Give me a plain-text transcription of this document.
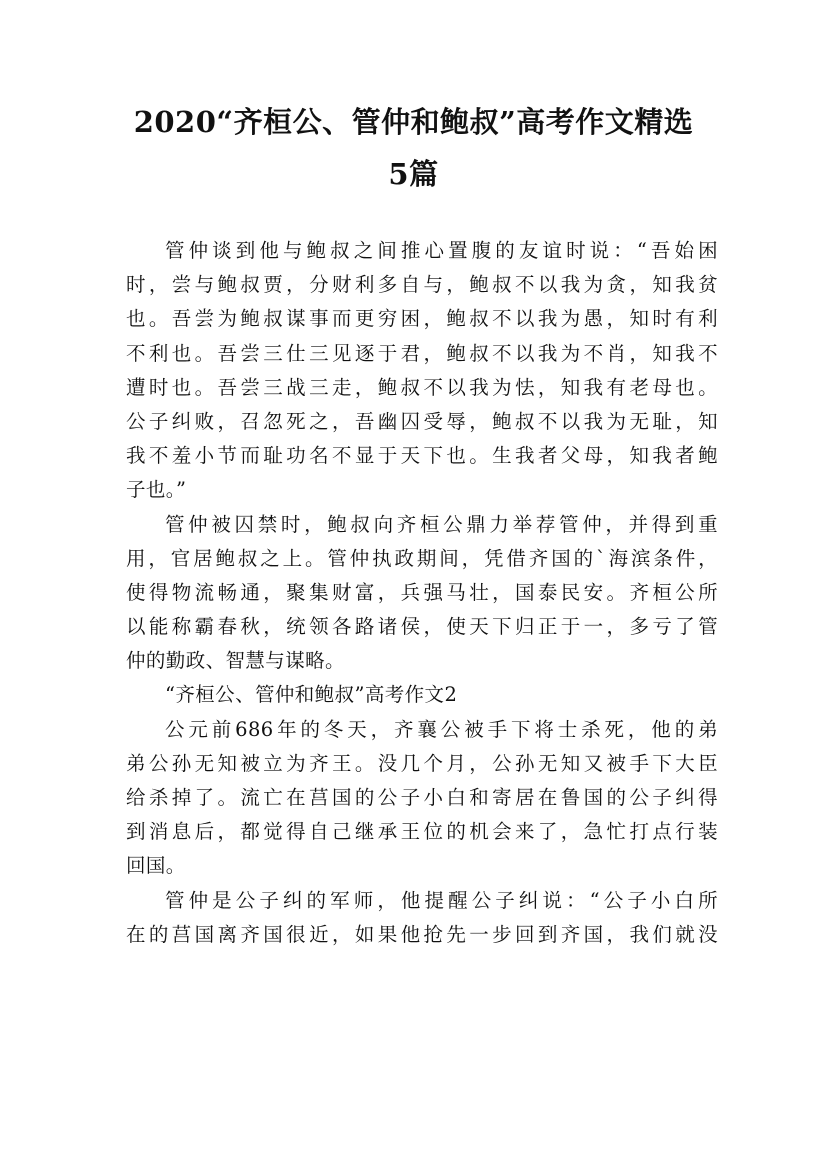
2020“齐桓公、管仲和鲍叔”高考作文精选
5篇
管仲谈到他与鲍叔之间推心置腹的友谊时说：“吾始困
时，尝与鲍叔贾，分财利多自与，鲍叔不以我为贪，知我贫
也。吾尝为鲍叔谋事而更穷困，鲍叔不以我为愚，知时有利
不利也。吾尝三仕三见逐于君，鲍叔不以我为不肖，知我不
遭时也。吾尝三战三走，鲍叔不以我为怯，知我有老母也。
公子纠败，召忽死之，吾幽囚受辱，鲍叔不以我为无耻，知
我不羞小节而耻功名不显于天下也。生我者父母，知我者鲍
子也。”
管仲被囚禁时，鲍叔向齐桓公鼎力举荐管仲，并得到重
用，官居鲍叔之上。管仲执政期间，凭借齐国的`海滨条件，
使得物流畅通，聚集财富，兵强马壮，国泰民安。齐桓公所
以能称霸春秋，统领各路诸侯，使天下归正于一，多亏了管
仲的勤政、智慧与谋略。
“齐桓公、管仲和鲍叔”高考作文2
公元前686年的冬天，齐襄公被手下将士杀死，他的弟
弟公孙无知被立为齐王。没几个月，公孙无知又被手下大臣
给杀掉了。流亡在莒国的公子小白和寄居在鲁国的公子纠得
到消息后，都觉得自己继承王位的机会来了，急忙打点行装
回国。
管仲是公子纠的军师，他提醒公子纠说：“公子小白所
在的莒国离齐国很近，如果他抢先一步回到齐国，我们就没
